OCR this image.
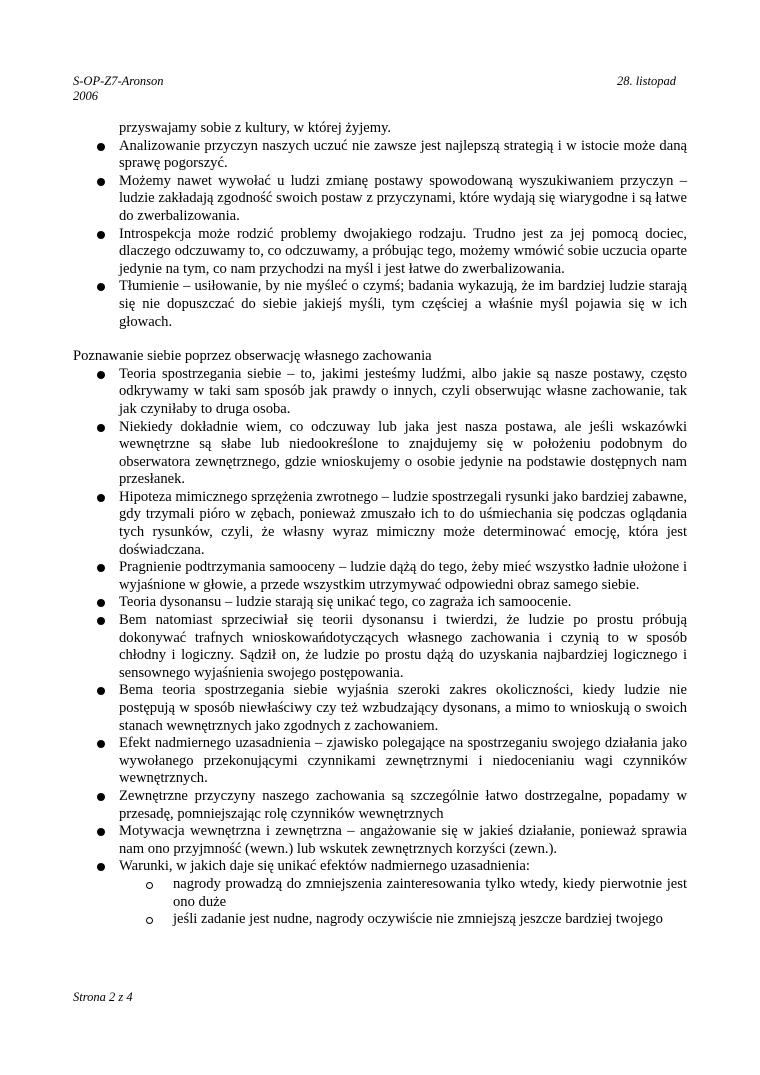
S-OP-Z7-Aronson
2006
28. listopad

przyswajamy sobie z kultury, w której żyjemy.

Analizowanie przyczyn naszych uczuć nie zawsze jest najlepszą strategią i w istocie może daną sprawę pogorszyć.
Możemy nawet wywołać u ludzi zmianę postawy spowodowaną wyszukiwaniem przyczyn – ludzie zakładają zgodność swoich postaw z przyczynami, które wydają się wiarygodne i są łatwe do zwerbalizowania.
Introspekcja może rodzić problemy dwojakiego rodzaju. Trudno jest za jej pomocą dociec, dlaczego odczuwamy to, co odczuwamy, a próbując tego, możemy wmówić sobie uczucia oparte jedynie na tym, co nam przychodzi na myśl i jest łatwe do zwerbalizowania.
Tłumienie – usiłowanie, by nie myśleć o czymś; badania wykazują, że im bardziej ludzie starają się nie dopuszczać do siebie jakiejś myśli, tym częściej a właśnie myśl pojawia się w ich głowach.

Poznawanie siebie poprzez obserwację własnego zachowania

Teoria spostrzegania siebie – to, jakimi jesteśmy ludźmi, albo jakie są nasze postawy, często odkrywamy w taki sam sposób jak prawdy o innych, czyli obserwując własne zachowanie, tak jak czyniłaby to druga osoba.
Niekiedy dokładnie wiem, co odczuway lub jaka jest nasza postawa, ale jeśli wskazówki wewnętrzne są słabe lub niedookreślone to znajdujemy się w położeniu podobnym do obserwatora zewnętrznego, gdzie wnioskujemy o osobie jedynie na podstawie dostępnych nam przesłanek.
Hipoteza mimicznego sprzężenia zwrotnego – ludzie spostrzegali rysunki jako bardziej zabawne, gdy trzymali pióro w zębach, ponieważ zmuszało ich to do uśmiechania się podczas oglądania tych rysunków, czyli, że własny wyraz mimiczny może determinować emocję, która jest doświadczana.
Pragnienie podtrzymania samooceny – ludzie dążą do tego, żeby mieć wszystko ładnie ułożone i wyjaśnione w głowie, a przede wszystkim utrzymywać odpowiedni obraz samego siebie.
Teoria dysonansu – ludzie starają się unikać tego, co zagraża ich samoocenie.
Bem natomiast sprzeciwiał się teorii dysonansu i twierdzi, że ludzie po prostu próbują dokonywać trafnych wnioskowańdotyczących własnego zachowania i czynią to w sposób chłodny i logiczny. Sądził on, że ludzie po prostu dążą do uzyskania najbardziej logicznego i sensownego wyjaśnienia swojego postępowania.
Bema teoria spostrzegania siebie wyjaśnia szeroki zakres okoliczności, kiedy ludzie nie postępują w sposób niewłaściwy czy też wzbudzający dysonans, a mimo to wnioskują o swoich stanach wewnętrznych jako zgodnych z zachowaniem.
Efekt nadmiernego uzasadnienia – zjawisko polegające na spostrzeganiu swojego działania jako wywołanego przekonującymi czynnikami zewnętrznymi i niedocenianiu wagi czynników wewnętrznych.
Zewnętrzne przyczyny naszego zachowania są szczególnie łatwo dostrzegalne, popadamy w przesadę, pomniejszając rolę czynników wewnętrznych
Motywacja wewnętrzna i zewnętrzna – angażowanie się w jakieś działanie, ponieważ sprawia nam ono przyjmność (wewn.) lub wskutek zewnętrznych korzyści (zewn.).
Warunki, w jakich daje się unikać efektów nadmiernego uzasadnienia:
nagrody prowadzą do zmniejszenia zainteresowania tylko wtedy, kiedy pierwotnie jest ono duże
jeśli zadanie jest nudne, nagrody oczywiście nie zmniejszą jeszcze bardziej twojego
Strona 2 z 4
